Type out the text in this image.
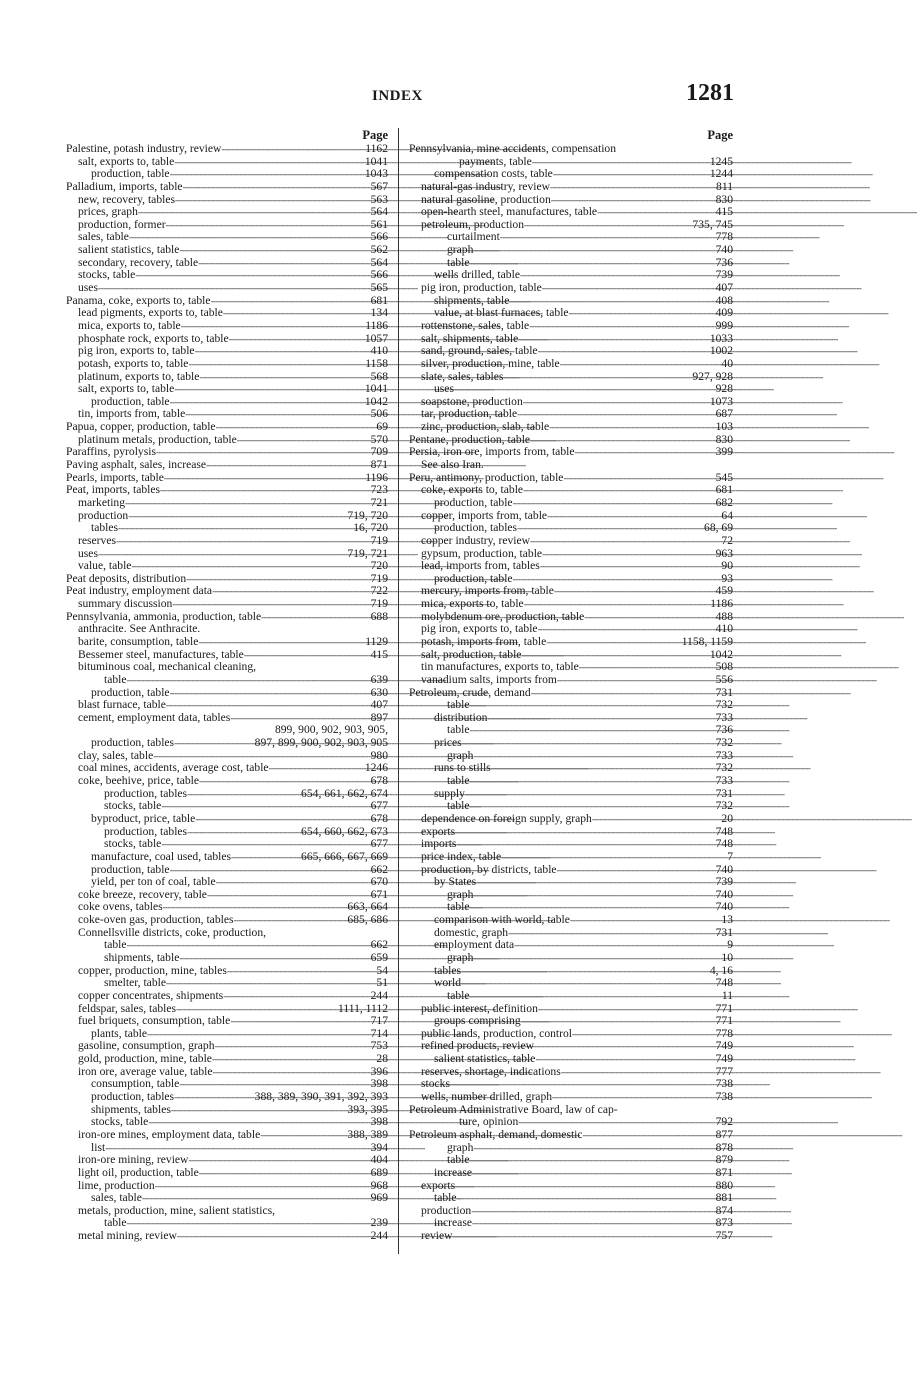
INDEX	1281
Page
Palestine, potash industry, review -----	1162
salt, exports to, table -----	1041
production, table -----	1043
Palladium, imports, table -----	567
new, recovery, tables -----	563
prices, graph -----	564
production, former -----	561
sales, table -----	566
salient statistics, table -----	562
secondary, recovery, table -----	564
stocks, table -----	566
uses -----	565
Panama, coke, exports to, table -----	681
lead pigments, exports to, table -----	134
mica, exports to, table -----	1186
phosphate rock, exports to, table -----	1057
pig iron, exports to, table -----	410
potash, exports to, table -----	1158
platinum, exports to, table -----	568
salt, exports to, table -----	1041
production, table -----	1042
tin, imports from, table -----	506
Papua, copper, production, table -----	69
platinum metals, production, table -----	570
Paraffins, pyrolysis -----	709
Paving asphalt, sales, increase -----	871
Pearls, imports, table -----	1196
Peat, imports, tables -----	723
marketing -----	721
production -----	719, 720
tables -----	16, 720
reserves -----	719
uses -----	719, 721
value, table -----	720
Peat deposits, distribution -----	719
Peat industry, employment data -----	722
summary discussion -----	719
Pennsylvania, ammonia, production, table -----	688
anthracite. See Anthracite.
barite, consumption, table -----	1129
Bessemer steel, manufactures, table -----	415
bituminous coal, mechanical cleaning,
table -----	639
production, table -----	630
blast furnace, table -----	407
cement, employment data, tables -----	897
899, 900, 902, 903, 905,
production, tables -----	897, 899, 900, 902, 903, 905
clay, sales, table -----	980
coal mines, accidents, average cost, table -----	1246
coke, beehive, price, table -----	678
production, tables -----	654, 661, 662, 674
stocks, table -----	677
byproduct, price, table -----	678
production, tables -----	654, 660, 662, 673
stocks, table -----	677
manufacture, coal used, tables -----	665, 666, 667, 669
production, table -----	662
yield, per ton of coal, table -----	670
coke breeze, recovery, table -----	671
coke ovens, tables -----	663, 664
coke-oven gas, production, tables -----	685, 686
Connellsville districts, coke, production,
table -----	662
shipments, table -----	659
copper, production, mine, tables -----	54
smelter, table -----	51
copper concentrates, shipments -----	244
feldspar, sales, tables -----	1111, 1112
fuel briquets, consumption, table -----	717
plants, table -----	714
gasoline, consumption, graph -----	753
gold, production, mine, table -----	28
iron ore, average value, table -----	396
consumption, table -----	398
production, tables -----	388, 389, 390, 391, 392, 393
shipments, tables -----	393, 395
stocks, table -----	398
iron-ore mines, employment data, table -----	388, 389
list -----	394
iron-ore mining, review -----	404
light oil, production, table -----	689
lime, production -----	968
sales, table -----	969
metals, production, mine, salient statistics,
table -----	239
metal mining, review -----	244
Page
Pennsylvania, mine accidents, compensation
payments, table -----	1245
compensation costs, table -----	1244
natural-gas industry, review -----	811
natural gasoline, production -----	830
open-hearth steel, manufactures, table -----	415
petroleum, production -----	735, 745
curtailment -----	778
graph -----	740
table -----	736
wells drilled, table -----	739
pig iron, production, table -----	407
shipments, table -----	408
value, at blast furnaces, table -----	409
rottenstone, sales, table -----	999
salt, shipments, table -----	1033
sand, ground, sales, table -----	1002
silver, production, mine, table -----	40
slate, sales, tables -----	927, 928
uses -----	928
soapstone, production -----	1073
tar, production, table -----	687
zinc, production, slab, table -----	103
Pentane, production, table -----	830
Persia, iron ore, imports from, table -----	399
See also Iran.
Peru, antimony, production, table -----	545
coke, exports to, table -----	681
production, table -----	682
copper, imports from, table -----	64
production, tables -----	68, 69
copper industry, review -----	72
gypsum, production, table -----	963
lead, imports from, tables -----	90
production, table -----	93
mercury, imports from, table -----	459
mica, exports to, table -----	1186
molybdenum ore, production, table -----	488
pig iron, exports to, table -----	410
potash, imports from, table -----	1158, 1159
salt, production, table -----	1042
tin manufactures, exports to, table -----	508
vanadium salts, imports from -----	556
Petroleum, crude, demand -----	731
table -----	732
distribution -----	733
table -----	736
prices -----	732
graph -----	733
runs to stills -----	732
table -----	733
supply -----	731
table -----	732
dependence on foreign supply, graph -----	20
exports -----	748
imports -----	748
price index, table -----	7
production, by districts, table -----	740
by States -----	739
graph -----	740
table -----	740
comparison with world, table -----	13
domestic, graph -----	731
employment data -----	9
graph -----	10
tables -----	4, 16
world -----	748
table -----	11
public interest, definition -----	771
groups comprising -----	771
public lands, production, control -----	778
refined products, review -----	749
salient statistics, table -----	749
reserves, shortage, indications -----	777
stocks -----	738
wells, number drilled, graph -----	738
Petroleum Administrative Board, law of cap-
ture, opinion -----	792
Petroleum asphalt, demand, domestic -----	877
graph -----	878
table -----	879
increase -----	871
exports -----	880
table -----	881
production -----	874
increase -----	873
review -----	757
